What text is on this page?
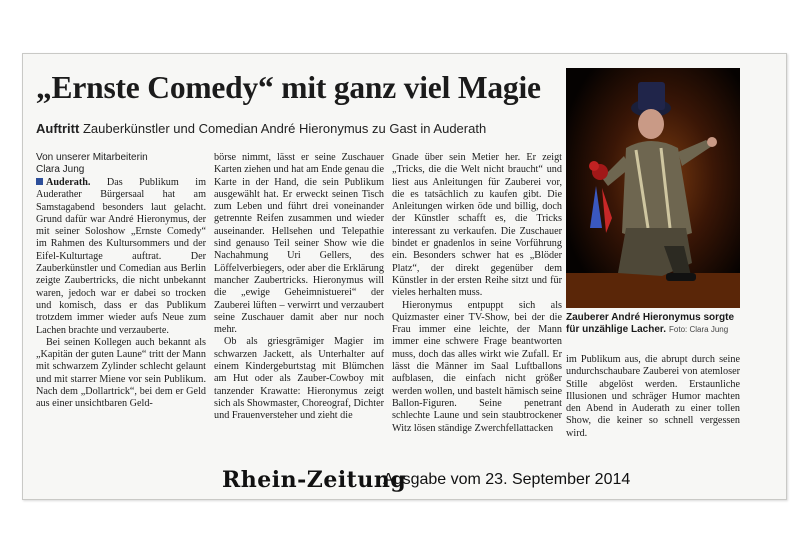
„Ernste Comedy“ mit ganz viel Magie
Auftritt Zauberkünstler und Comedian André Hieronymus zu Gast in Auderath
Von unserer Mitarbeiterin
Clara Jung

Auderath. Das Publikum im Auderather Bürgersaal hat am Samstagabend besonders laut gelacht. Grund dafür war André Hieronymus, der mit seiner Soloshow „Ernste Comedy“ im Rahmen des Kultursommers und der Eifel-Kulturtage auftrat. Der Zauberkünstler und Comedian aus Berlin zeigte Zaubertricks, die nicht unbekannt waren, jedoch war er dabei so trocken und komisch, dass er das Publikum trotzdem immer wieder aufs Neue zum Lachen brachte und verzauberte.

Bei seinen Kollegen auch bekannt als „Kapitän der guten Laune“ tritt der Mann mit schwarzem Zylinder schlecht gelaunt und mit starrer Miene vor sein Publikum. Nach dem „Dollartrick“, bei dem er Geld aus einer unsichtbaren Geld-

börse nimmt, lässt er seine Zuschauer Karten ziehen und hat am Ende genau die Karte in der Hand, die sein Publikum ausgewählt hat. Er erweckt seinen Tisch zum Leben und führt drei voneinander getrennte Reifen zusammen und wieder auseinander. Hellsehen und Telepathie sind genauso Teil seiner Show wie die Nachahmung Uri Gellers, des Löffelverbiegers, oder aber die Erklärung mancher Zaubertricks. Hieronymus will die „ewige Geheimnistuerei“ der Zauberei lüften – verwirrt und verzaubert seine Zuschauer damit aber nur noch mehr.

Ob als griesgrämiger Magier im schwarzen Jackett, als Unterhalter auf einem Kindergeburtstag mit Blümchen am Hut oder als Zauber-Cowboy mit tanzender Krawatte: Hieronymus zeigt sich als Showmaster, Choreograf, Dichter und Frauenversteher und zieht die

Gnade über sein Metier her. Er zeigt „Tricks, die die Welt nicht braucht“ und liest aus Anleitungen für Zauberei vor, die es tatsächlich zu kaufen gibt. Die Anleitungen wirken öde und billig, doch der Künstler schafft es, die Tricks interessant zu verkaufen. Die Zuschauer bindet er gnadenlos in seine Vorführung ein. Besonders schwer hat es „Blöder Platz“, der direkt gegenüber dem Künstler in der ersten Reihe sitzt und für vieles herhalten muss.

Hieronymus entpuppt sich als Quizmaster einer TV-Show, bei der die Frau immer eine leichte, der Mann immer eine schwere Frage beantworten muss, doch das alles wirkt wie Zufall. Er lässt die Männer im Saal Luftballons aufblasen, die einfach nicht größer werden wollen, und bastelt hämisch seine Ballon-Figuren. Seine penetrant schlechte Laune und sein staubtrockener Witz lösen ständige Zwerchfellattacken

Zauberer André Hieronymus sorgte für unzählige Lacher. Foto: Clara Jung

im Publikum aus, die abrupt durch seine undurchschaubare Zauberei von atemloser Stille abgelöst werden. Erstaunliche Illusionen und schräger Humor machten den Abend in Auderath zu einer tollen Show, die keiner so schnell vergessen wird.

Rhein-Zeitung
Ausgabe vom 23. September 2014
